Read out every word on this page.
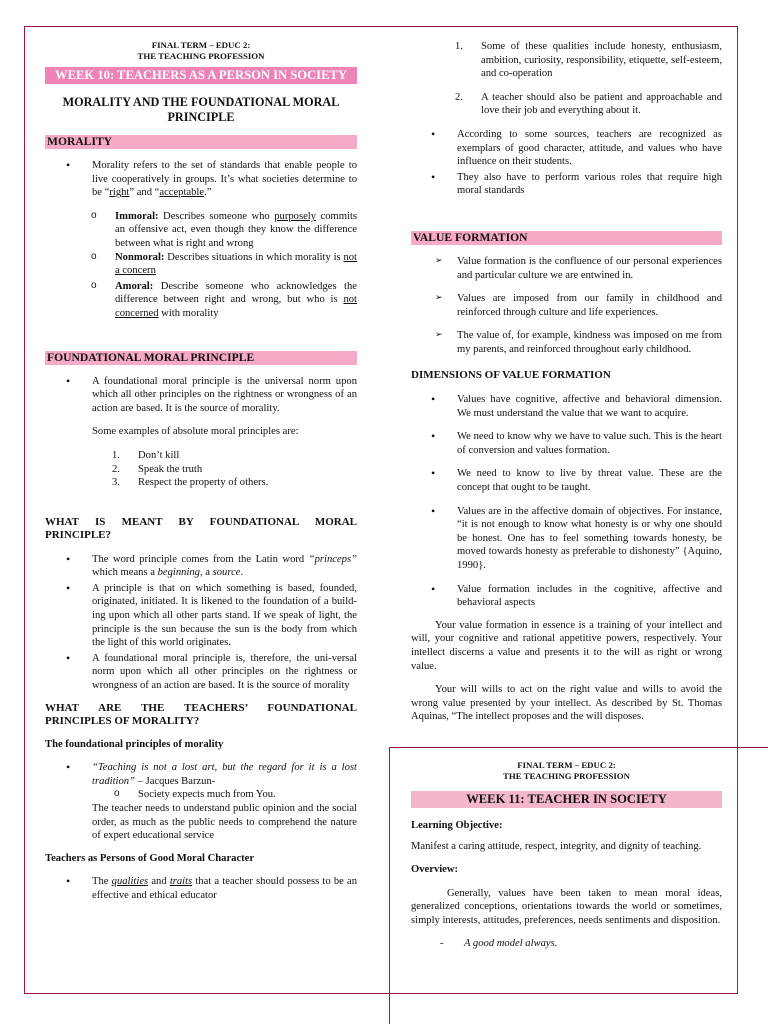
FINAL TERM – EDUC 2:
THE TEACHING PROFESSION
WEEK 10: TEACHERS AS A PERSON IN SOCIETY
MORALITY AND THE FOUNDATIONAL MORAL PRINCIPLE
MORALITY
• Morality refers to the set of standards that enable people to live cooperatively in groups. It’s what societies determine to be “right” and “acceptable.”
o Immoral: Describes someone who purposely commits an offensive act, even though they know the difference between what is right and wrong
o Nonmoral: Describes situations in which morality is not a concern
o Amoral: Describe someone who acknowledges the difference between right and wrong, but who is not concerned with morality
FOUNDATIONAL MORAL PRINCIPLE
• A foundational moral principle is the universal norm upon which all other principles on the rightness or wrongness of an action are based. It is the source of morality.

Some examples of absolute moral principles are:

1. Don’t kill
2. Speak the truth
3. Respect the property of others.
WHAT IS MEANT BY FOUNDATIONAL MORAL PRINCIPLE?
• The word principle comes from the Latin word “princeps” which means a beginning, a source.
• A principle is that on which something is based, founded, originated, initiated. It is likened to the foundation of a build-ing upon which all other parts stand. If we speak of light, the principle is the sun because the sun is the body from which the light of this world originates.
• A foundational moral principle is, therefore, the uni-versal norm upon which all other principles on the rightness or wrongness of an action are based. It is the source of morality
WHAT ARE THE TEACHERS’ FOUNDATIONAL PRINCIPLES OF MORALITY?
The foundational principles of morality
• “Teaching is not a lost art, but the regard for it is a lost tradition” – Jacques Barzun-
o Society expects much from You.

The teacher needs to understand public opinion and the social order, as much as the public needs to comprehend the nature of expert educational service

Teachers as Persons of Good Moral Character
• The qualities and traits that a teacher should possess to be an effective and ethical educator
1. Some of these qualities include honesty, enthusiasm, ambition, curiosity, responsibility, etiquette, self-esteem, and co-operation
2. A teacher should also be patient and approachable and love their job and everything about it.
• According to some sources, teachers are recognized as exemplars of good character, attitude, and values who have influence on their students.
• They also have to perform various roles that require high moral standards
VALUE FORMATION
➢ Value formation is the confluence of our personal experiences and particular culture we are entwined in.
➢ Values are imposed from our family in childhood and reinforced through culture and life experiences.
➢ The value of, for example, kindness was imposed on me from my parents, and reinforced throughout early childhood.
DIMENSIONS OF VALUE FORMATION
• Values have cognitive, affective and behavioral dimension. We must understand the value that we want to acquire.
• We need to know why we have to value such. This is the heart of conversion and values formation.
• We need to know to live by threat value. These are the concept that ought to be taught.
• Values are in the affective domain of objectives. For instance, “it is not enough to know what honesty is or why one should be honest. One has to feel something towards honesty, be moved towards honesty as preferable to dishonesty” {Aquino, 1990}.
• Value formation includes in the cognitive, affective and behavioral aspects

Your value formation in essence is a training of your intellect and will, your cognitive and rational appetitive powers, respectively. Your intellect discerns a value and presents it to the will as right or wrong value.

Your will wills to act on the right value and wills to avoid the wrong value presented by your intellect. As described by St. Thomas Aquinas, “The intellect proposes and the will disposes.

FINAL TERM – EDUC 2:
THE TEACHING PROFESSION
WEEK 11: TEACHER IN SOCIETY
Learning Objective:

Manifest a caring attitude, respect, integrity, and dignity of teaching.

Overview:

Generally, values have been taken to mean moral ideas, generalized conceptions, orientations towards the world or sometimes, simply interests, attitudes, preferences, needs sentiments and disposition.

- A good model always.
